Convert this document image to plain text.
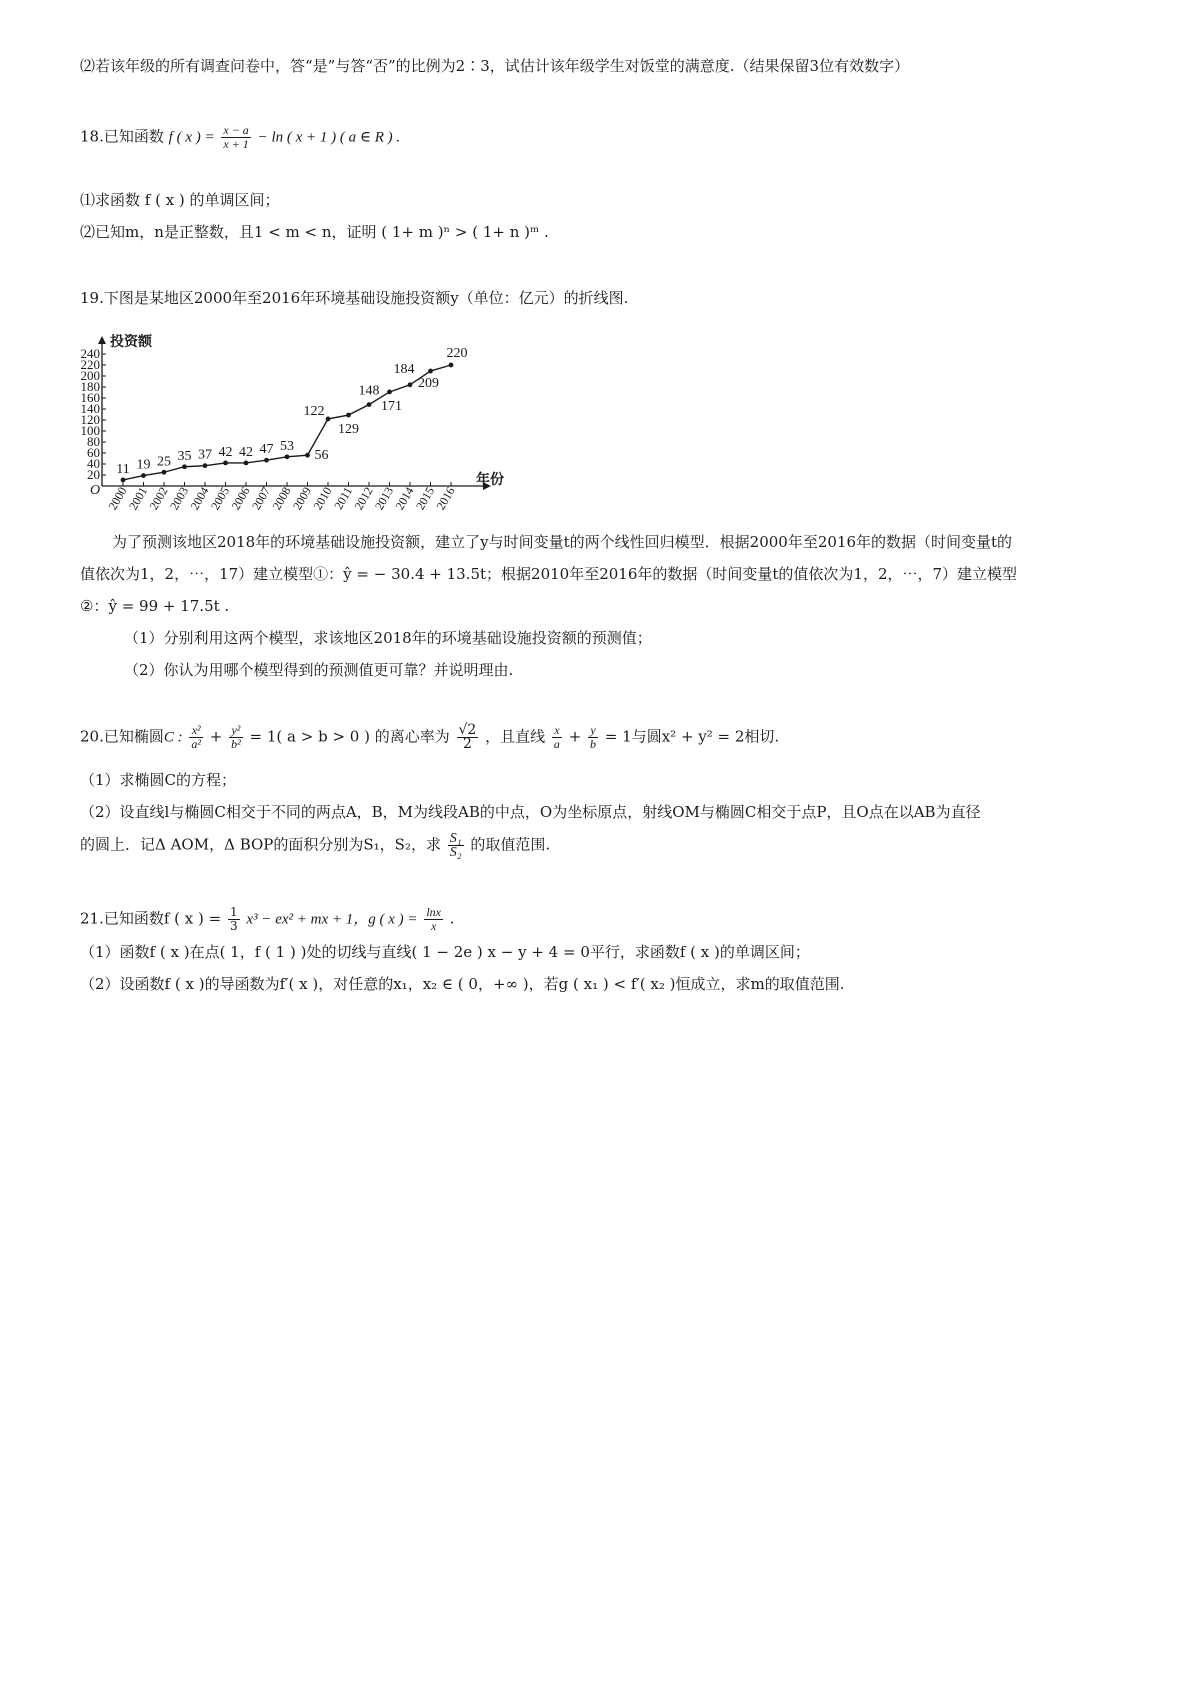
⑵若该年级的所有调查问卷中，答“是”与答“否”的比例为2∶3，试估计该年级学生对饭堂的满意度.（结果保留3位有效数字）
18.已知函数 f ( x ) = $\frac{x - a}{x + 1} - \ln$ ( x + 1 ) ( a ∈ R ) .
⑴求函数 f ( x ) 的单调区间；
⑵已知m，n是正整数，且1 < m < n，证明 ( 1+ m )ⁿ > ( 1+ n )ᵐ .
19.下图是某地区2000年至2016年环境基础设施投资额y（单位：亿元）的折线图.
20
40
60
80
100
120
140
160
180
200
220
240
2000
2001
2002
2003
2004
2005
2006
2007
2008
2009
2010
2011
2012
2013
2014
2015
2016
11 19 25 35 37 42 42 47 53
56
122
129
148
171
184
209
220
投资额
年份
O
为了预测该地区2018年的环境基础设施投资额，建立了y与时间变量t的两个线性回归模型．根据2000年至2016年的数据（时间变量t的
值依次为1，2，⋯，17）建立模型①：ŷ = − 30.4 + 13.5t；根据2010年至2016年的数据（时间变量t的值依次为1，2，⋯，7）建立模型
②：ŷ = 99 + 17.5t .
（1）分别利用这两个模型，求该地区2018年的环境基础设施投资额的预测值；
（2）你认为用哪个模型得到的预测值更可靠？并说明理由.
20.已知椭圆C : $\frac{\text{x²}}{\text{a²}} + \frac{\text{y²}}{\text{b²}} = 1$( a > b > 0 ) 的离心率为 $\frac{√2}{2}$ ，且直线 $\frac{x}{a} + \frac{y}{b} = 1$与圆x² + y² = 2相切.
（1）求椭圆C的方程；
（2）设直线l与椭圆C相交于不同的两点A，B，M为线段AB的中点，O为坐标原点，射线OM与椭圆C相交于点P，且O点在以AB为直径
的圆上．记Δ AOM，Δ BOP的面积分别为S₁，S₂，求 $\frac{\text{S₁}}{\text{S₂}}$ 的取值范围.
21.已知函数f ( x ) = $\frac{1}{3} x^3 - ex^2$ + mx + 1，g ( x ) = $\frac{\ln x}{x}$ .
（1）函数f ( x )在点( 1，f ( 1 ) )处的切线与直线( 1 − 2e ) x − y + 4 = 0平行，求函数f ( x )的单调区间；
（2）设函数f ( x )的导函数为f′( x )，对任意的x₁，x₂ ∈ ( 0，+∞ )，若g ( x₁ ) < f′( x₂ )恒成立，求m的取值范围.
